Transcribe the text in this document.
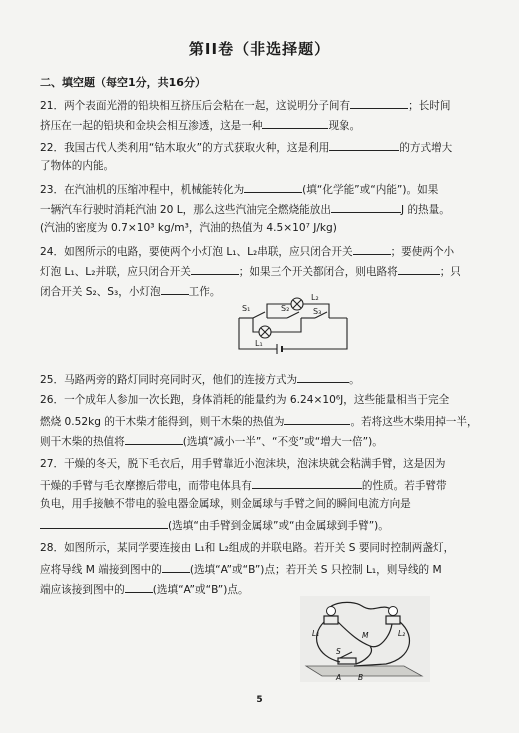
第II卷（非选择题）
二、填空题（每空1分，共16分）
21．两个表面光滑的铅块相互挤压后会粘在一起，这说明分子间有	；长时间
挤压在一起的铅块和金块会相互渗透，这是一种	现象。
22．我国古代人类利用“钻木取火”的方式获取火种，这是利用	的方式增大
了物体的内能。
23．在汽油机的压缩冲程中，机械能转化为	(填“化学能”或“内能”)。如果
一辆汽车行驶时消耗汽油 20 L，那么这些汽油完全燃烧能放出	J 的热量。
(汽油的密度为 0.7×10³ kg/m³，汽油的热值为 4.5×10⁷ J/kg)
24．如图所示的电路，要使两个小灯泡 L₁、L₂串联，应只闭合开关	；要使两个小
灯泡 L₁、L₂并联，应只闭合开关	；如果三个开关都闭合，则电路将	；只
闭合开关 S₂、S₃，小灯泡	工作。
S₁	S₂
L₂
S₃
L₁
25．马路两旁的路灯同时亮同时灭，他们的连接方式为	。
26．一个成年人参加一次长跑，身体消耗的能量约为 6.24×10⁶J，这些能量相当于完全
燃烧 0.52kg 的干木柴才能得到，则干木柴的热值为	。若将这些木柴用掉一半，
则干木柴的热值将	(选填“减小一半”、“不变”或“增大一倍”)。
27．干燥的冬天，脱下毛衣后，用手臂靠近小泡沫块，泡沫块就会粘满手臂，这是因为
干燥的手臂与毛衣摩擦后带电，而带电体具有	的性质。若手臂带
负电，用手接触不带电的验电器金属球，则金属球与手臂之间的瞬间电流方向是
(选填“由手臂到金属球”或“由金属球到手臂”)。
28．如图所示，某同学要连接由 L₁和 L₂组成的并联电路。若开关 S 要同时控制两盏灯，
应将导线 M 端接到图中的	(选填“A”或“B”)点；若开关 S 只控制 L₁，则导线的 M
端应该接到图中的	(选填“A”或“B”)点。
L₁	L₂
M
S
A B
5
